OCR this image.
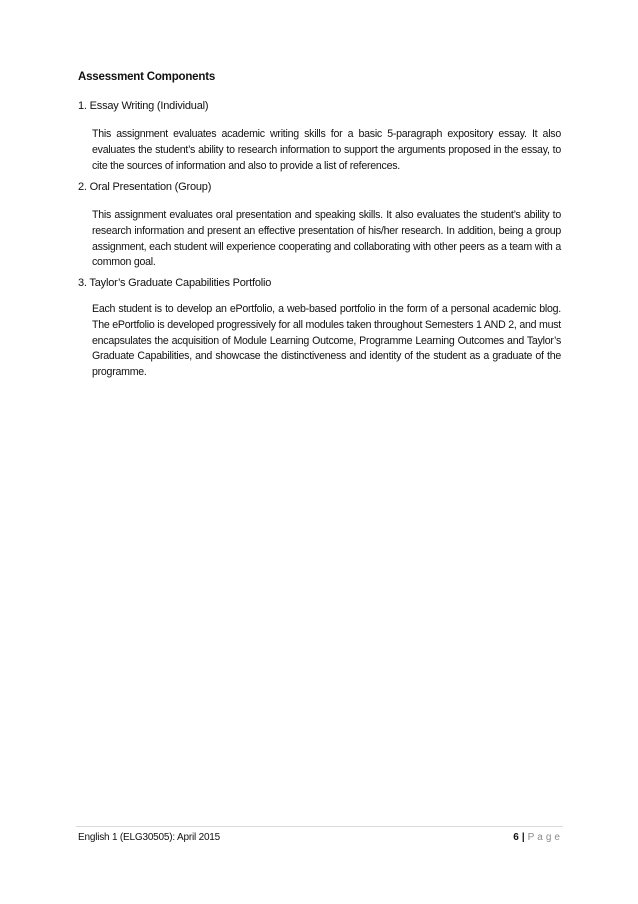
Assessment Components
1. Essay Writing (Individual)
This assignment evaluates academic writing skills for a basic 5-paragraph expository essay. It also evaluates the student’s ability to research information to support the arguments proposed in the essay, to cite the sources of information and also to provide a list of references.
2. Oral Presentation (Group)
This assignment evaluates oral presentation and speaking skills. It also evaluates the student’s ability to research information and present an effective presentation of his/her research. In addition, being a group assignment, each student will experience cooperating and collaborating with other peers as a team with a common goal.
3. Taylor’s Graduate Capabilities Portfolio
Each student is to develop an ePortfolio, a web-based portfolio in the form of a personal academic blog. The ePortfolio is developed progressively for all modules taken throughout Semesters 1 AND 2, and must encapsulates the acquisition of Module Learning Outcome, Programme Learning Outcomes and Taylor’s Graduate Capabilities, and showcase the distinctiveness and identity of the student as a graduate of the programme.
English 1 (ELG30505): April 2015	6 | Page
